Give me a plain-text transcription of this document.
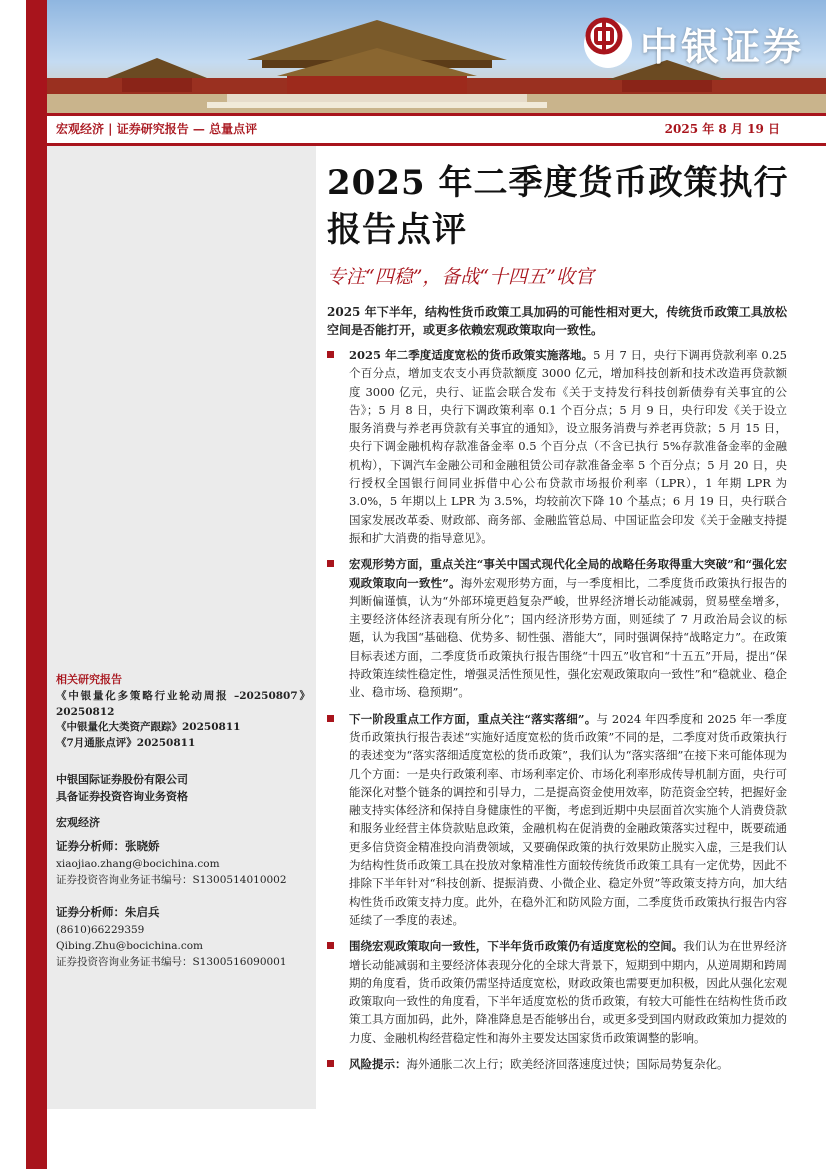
中银证券
宏观经济 | 证券研究报告 — 总量点评	2025 年 8 月 19 日
相关研究报告
《中银量化多策略行业轮动周报 –20250807》20250812
《中银量化大类资产跟踪》20250811
《7月通胀点评》20250811
中银国际证券股份有限公司
具备证券投资咨询业务资格
宏观经济
证券分析师：张晓娇
xiaojiao.zhang@bocichina.com
证券投资咨询业务证书编号：S1300514010002
证券分析师：朱启兵
(8610)66229359
Qibing.Zhu@bocichina.com
证券投资咨询业务证书编号：S1300516090001
2025 年二季度货币政策执行报告点评
专注“四稳”，备战“十四五”收官
2025 年下半年，结构性货币政策工具加码的可能性相对更大，传统货币政策工具放松空间是否能打开，或更多依赖宏观政策取向一致性。
2025 年二季度适度宽松的货币政策实施落地。5 月 7 日，央行下调再贷款利率 0.25 个百分点，增加支农支小再贷款额度 3000 亿元，增加科技创新和技术改造再贷款额度 3000 亿元，央行、证监会联合发布《关于支持发行科技创新债券有关事宜的公告》；5 月 8 日，央行下调政策利率 0.1 个百分点；5 月 9 日，央行印发《关于设立服务消费与养老再贷款有关事宜的通知》，设立服务消费与养老再贷款；5 月 15 日，央行下调金融机构存款准备金率 0.5 个百分点（不含已执行 5%存款准备金率的金融机构），下调汽车金融公司和金融租赁公司存款准备金率 5 个百分点；5 月 20 日，央行授权全国银行间同业拆借中心公布贷款市场报价利率（LPR），1 年期 LPR 为 3.0%，5 年期以上 LPR 为 3.5%，均较前次下降 10 个基点；6 月 19 日，央行联合国家发展改革委、财政部、商务部、金融监管总局、中国证监会印发《关于金融支持提振和扩大消费的指导意见》。
宏观形势方面，重点关注“事关中国式现代化全局的战略任务取得重大突破”和“强化宏观政策取向一致性”。海外宏观形势方面，与一季度相比，二季度货币政策执行报告的判断偏谨慎，认为“外部环境更趋复杂严峻，世界经济增长动能减弱，贸易壁垒增多，主要经济体经济表现有所分化”；国内经济形势方面，则延续了 7 月政治局会议的标题，认为我国“基础稳、优势多、韧性强、潜能大”，同时强调保持“战略定力”。在政策目标表述方面，二季度货币政策执行报告围绕“十四五”收官和“十五五”开局，提出“保持政策连续性稳定性，增强灵活性预见性，强化宏观政策取向一致性”和“稳就业、稳企业、稳市场、稳预期”。
下一阶段重点工作方面，重点关注“落实落细”。与 2024 年四季度和 2025 年一季度货币政策执行报告表述“实施好适度宽松的货币政策”不同的是，二季度对货币政策执行的表述变为“落实落细适度宽松的货币政策”，我们认为“落实落细”在接下来可能体现为几个方面：一是央行政策利率、市场利率定价、市场化利率形成传导机制方面，央行可能深化对整个链条的调控和引导力，二是提高资金使用效率，防范资金空转，把握好金融支持实体经济和保持自身健康性的平衡，考虑到近期中央层面首次实施个人消费贷款和服务业经营主体贷款贴息政策，金融机构在促消费的金融政策落实过程中，既要疏通更多信贷资金精准投向消费领域，又要确保政策的执行效果防止脱实入虚，三是我们认为结构性货币政策工具在投放对象精准性方面较传统货币政策工具有一定优势，因此不排除下半年针对“科技创新、提振消费、小微企业、稳定外贸”等政策支持方向，加大结构性货币政策支持力度。此外，在稳外汇和防风险方面，二季度货币政策执行报告内容延续了一季度的表述。
围绕宏观政策取向一致性，下半年货币政策仍有适度宽松的空间。我们认为在世界经济增长动能减弱和主要经济体表现分化的全球大背景下，短期到中期内，从逆周期和跨周期的角度看，货币政策仍需坚持适度宽松，财政政策也需要更加积极，因此从强化宏观政策取向一致性的角度看，下半年适度宽松的货币政策，有较大可能性在结构性货币政策工具方面加码，此外，降准降息是否能够出台，或更多受到国内财政政策加力提效的力度、金融机构经营稳定性和海外主要发达国家货币政策调整的影响。
风险提示：海外通胀二次上行；欧美经济回落速度过快；国际局势复杂化。
